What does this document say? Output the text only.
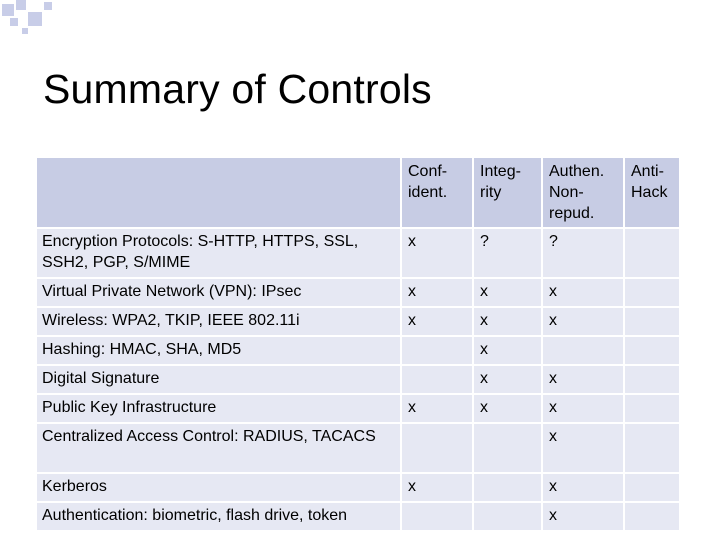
Summary of Controls

	Conf-
ident.	Integ-
rity	Authen.
Non-
repud.	Anti-
Hack

Encryption Protocols: S-HTTP, HTTPS, SSL, SSH2, PGP, S/MIME	x	?	?	
Virtual Private Network (VPN): IPsec	x	x	x	
Wireless: WPA2, TKIP, IEEE 802.11i	x	x	x	
Hashing: HMAC, SHA, MD5		x		
Digital Signature		x	x	
Public Key Infrastructure	x	x	x	
Centralized Access Control: RADIUS, TACACS			x	
Kerberos	x		x	
Authentication: biometric, flash drive, token			x	
